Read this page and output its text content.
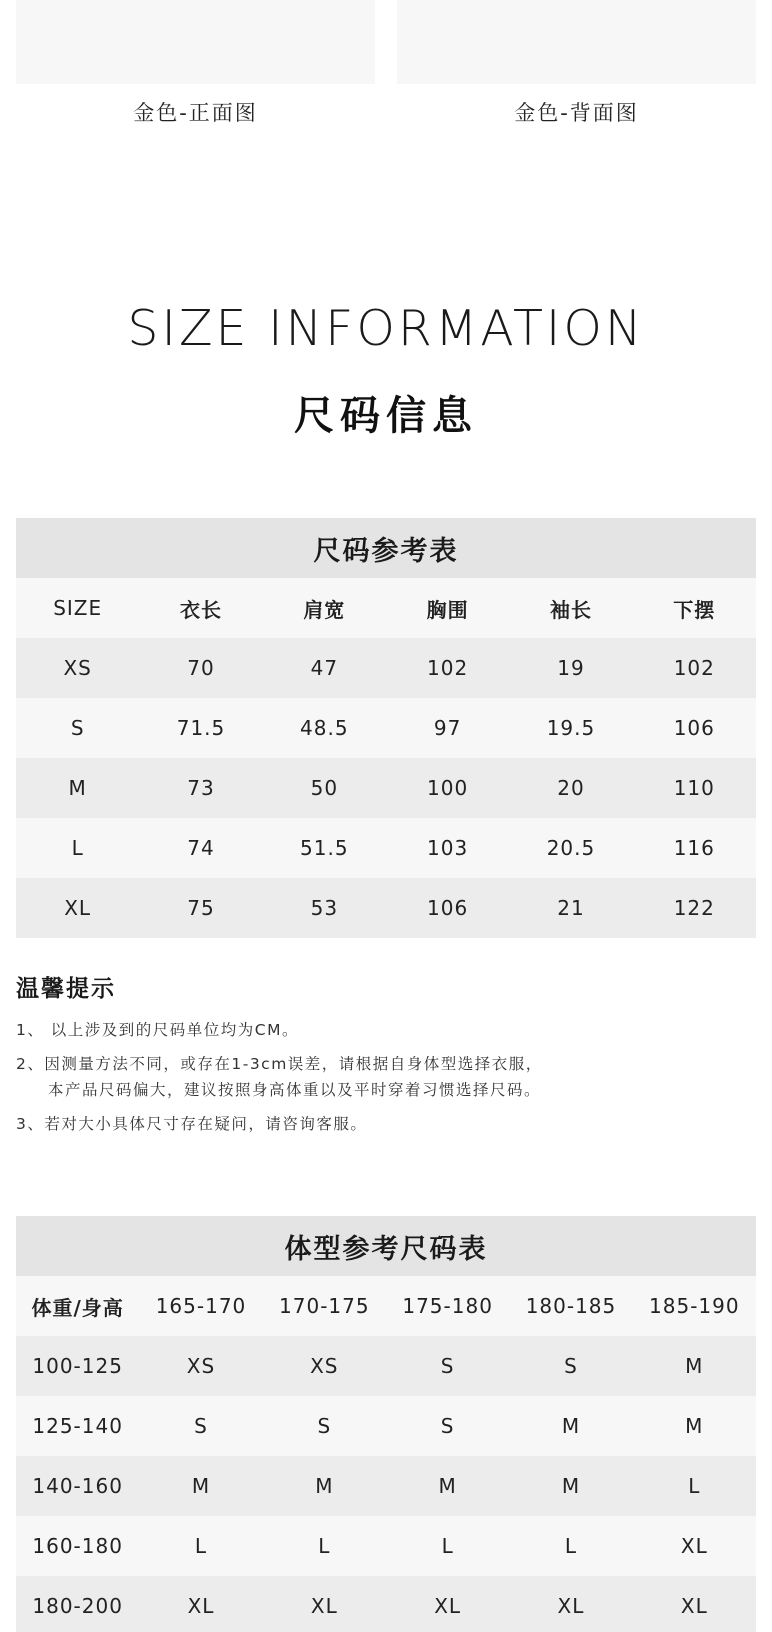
金色-正面图	金色-背面图
SIZE INFORMATION
尺码信息
尺码参考表
SIZE	衣长	肩宽	胸围	袖长	下摆
XS	70	47	102	19	102
S	71.5	48.5	97	19.5	106
M	73	50	100	20	110
L	74	51.5	103	20.5	116
XL	75	53	106	21	122
温馨提示
1、 以上涉及到的尺码单位均为CM。
2、因测量方法不同，或存在1-3cm误差，请根据自身体型选择衣服，
本产品尺码偏大，建议按照身高体重以及平时穿着习惯选择尺码。
3、若对大小具体尺寸存在疑问，请咨询客服。
体型参考尺码表
体重/身高	165-170	170-175	175-180	180-185	185-190
100-125	XS	XS	S	S	M
125-140	S	S	S	M	M
140-160	M	M	M	M	L
160-180	L	L	L	L	XL
180-200	XL	XL	XL	XL	XL
